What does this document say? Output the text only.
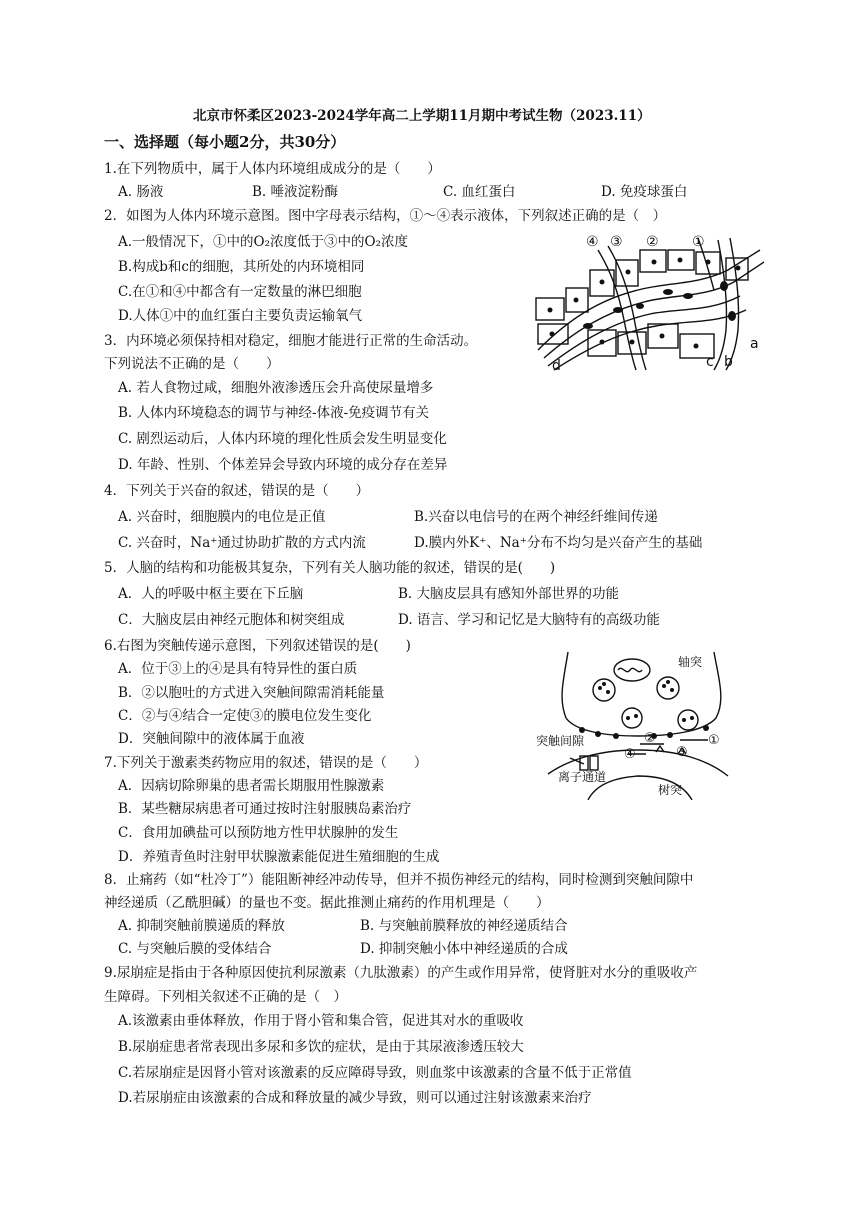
北京市怀柔区2023-2024学年高二上学期11月期中考试生物（2023.11）
一、选择题（每小题2分，共30分）
1.在下列物质中，属于人体内环境组成成分的是（　　）
A. 肠液	B. 唾液淀粉酶	C. 血红蛋白	D. 免疫球蛋白
2．如图为人体内环境示意图。图中字母表示结构，①～④表示液体，下列叙述正确的是（　）
A.一般情况下，①中的O₂浓度低于③中的O₂浓度
B.构成b和c的细胞，其所处的内环境相同
C.在①和④中都含有一定数量的淋巴细胞
D.人体①中的血红蛋白主要负责运输氧气
④ ③ ② ①
a
b
c
d
3．内环境必须保持相对稳定，细胞才能进行正常的生命活动。
下列说法不正确的是（　　）
A. 若人食物过咸，细胞外液渗透压会升高使尿量增多
B. 人体内环境稳态的调节与神经-体液-免疫调节有关
C. 剧烈运动后，人体内环境的理化性质会发生明显变化
D. 年龄、性别、个体差异会导致内环境的成分存在差异
4．下列关于兴奋的叙述，错误的是（　　）
A. 兴奋时，细胞膜内的电位是正值	B.兴奋以电信号的在两个神经纤维间传递
C. 兴奋时，Na⁺通过协助扩散的方式内流	D.膜内外K⁺、Na⁺分布不均匀是兴奋产生的基础
5．人脑的结构和功能极其复杂，下列有关人脑功能的叙述，错误的是(　　)
A．人的呼吸中枢主要在下丘脑	B. 大脑皮层具有感知外部世界的功能
C．大脑皮层由神经元胞体和树突组成	D. 语言、学习和记忆是大脑特有的高级功能
6.右图为突触传递示意图，下列叙述错误的是(　　)
A．位于③上的④是具有特异性的蛋白质
B．②以胞吐的方式进入突触间隙需消耗能量
C．②与④结合一定使③的膜电位发生变化
D．突触间隙中的液体属于血液
轴突
突触间隙
离子通道
树突
①
②
③
④
7.下列关于激素类药物应用的叙述，错误的是（　　）
A．因病切除卵巢的患者需长期服用性腺激素
B．某些糖尿病患者可通过按时注射服胰岛素治疗
C．食用加碘盐可以预防地方性甲状腺肿的发生
D．养殖青鱼时注射甲状腺激素能促进生殖细胞的生成
8．止痛药（如“杜冷丁”）能阻断神经冲动传导，但并不损伤神经元的结构，同时检测到突触间隙中
神经递质（乙酰胆碱）的量也不变。据此推测止痛药的作用机理是（　　）
A. 抑制突触前膜递质的释放	B. 与突触前膜释放的神经递质结合
C. 与突触后膜的受体结合	D. 抑制突触小体中神经递质的合成
9.尿崩症是指由于各种原因使抗利尿激素（九肽激素）的产生或作用异常，使肾脏对水分的重吸收产
生障碍。下列相关叙述不正确的是（　）
A.该激素由垂体释放，作用于肾小管和集合管，促进其对水的重吸收
B.尿崩症患者常表现出多尿和多饮的症状，是由于其尿液渗透压较大
C.若尿崩症是因肾小管对该激素的反应障碍导致，则血浆中该激素的含量不低于正常值
D.若尿崩症由该激素的合成和释放量的减少导致，则可以通过注射该激素来治疗
